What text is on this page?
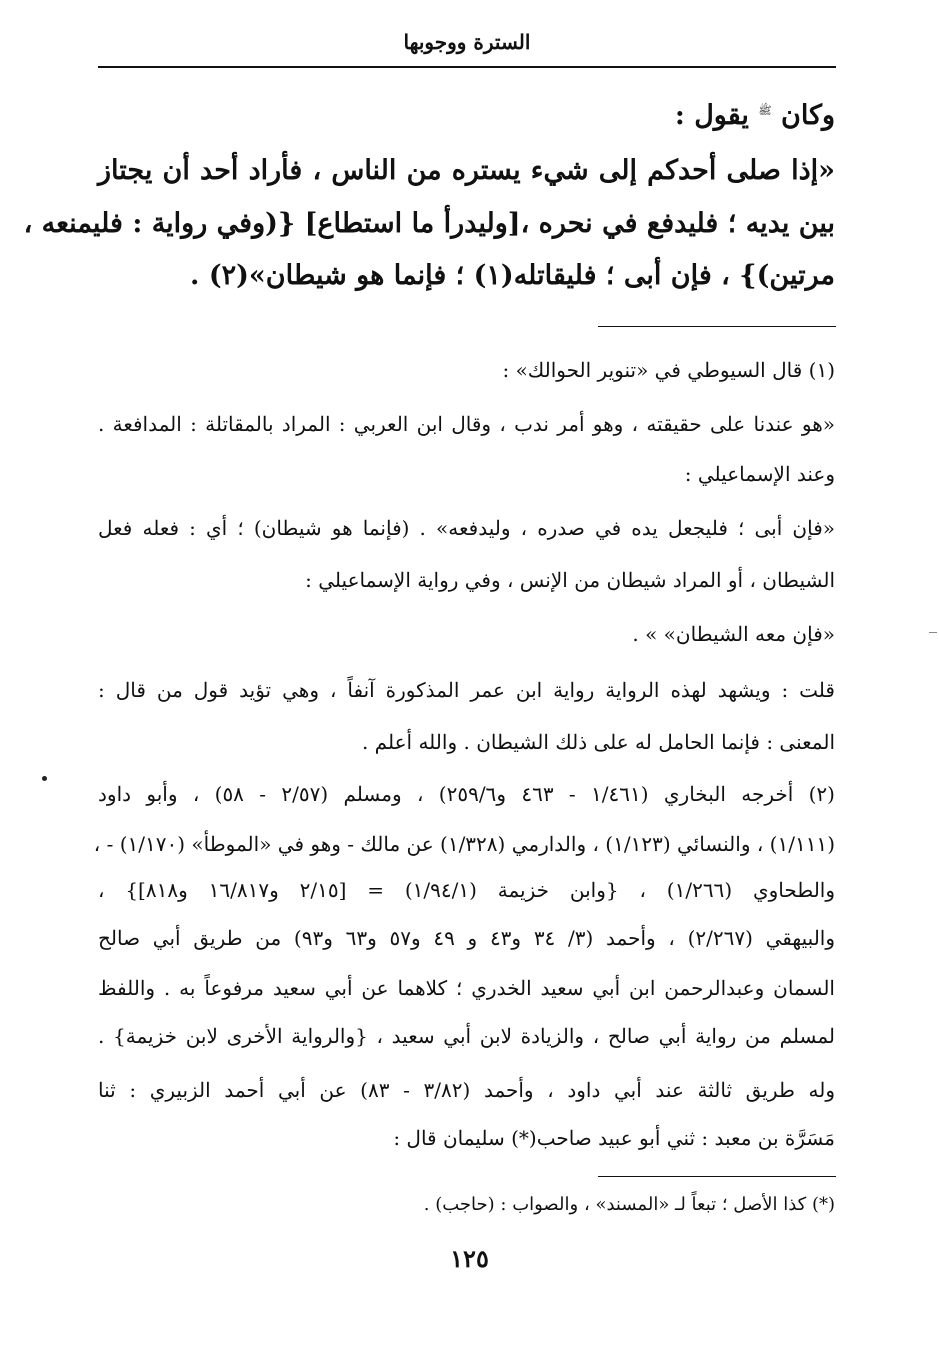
السترة ووجوبها
وكان $^ﷺ$ يقول :
«إذا صلى أحدكم إلى شيء يستره من الناس ، فأراد أحد أن يجتاز
بين يديه ؛ فليدفع في نحره ،[وليدرأ ما استطاع] {(وفي رواية : فليمنعه ،
مرتين)} ، فإن أبى ؛ فليقاتله(١) ؛ فإنما هو شيطان»(٢) .
(١) قال السيوطي في «تنوير الحوالك» :
«هو عندنا على حقيقته ، وهو أمر ندب ، وقال ابن العربي : المراد بالمقاتلة : المدافعة .
وعند الإسماعيلي :
«فإن أبى ؛ فليجعل يده في صدره ، وليدفعه» . (فإنما هو شيطان) ؛ أي : فعله فعل
الشيطان ، أو المراد شيطان من الإنس ، وفي رواية الإسماعيلي :
«فإن معه الشيطان» » .
قلت : ويشهد لهذه الرواية رواية ابن عمر المذكورة آنفاً ، وهي تؤيد قول من قال :
المعنى : فإنما الحامل له على ذلك الشيطان . والله أعلم .
(٢) أخرجه البخاري (١/٤٦١ - ٤٦٣ و٢٥٩/٦) ، ومسلم (٢/٥٧ - ٥٨) ، وأبو داود
(١/١١١) ، والنسائي (١/١٢٣) ، والدارمي (١/٣٢٨) عن مالك - وهو في «الموطأ» (١/١٧٠) - ،
والطحاوي (١/٢٦٦) ، {وابن خزيمة (١/٩٤/١) = [٢/١٥ و١٦/٨١٧ و٨١٨]} ،
والبيهقي (٢/٢٦٧) ، وأحمد (٣/ ٣٤ و٤٣ و ٤٩ و٥٧ و٦٣ و٩٣) من طريق أبي صالح
السمان وعبدالرحمن ابن أبي سعيد الخدري ؛ كلاهما عن أبي سعيد مرفوعاً به . واللفظ
لمسلم من رواية أبي صالح ، والزيادة لابن أبي سعيد ، {والرواية الأخرى لابن خزيمة} .
وله طريق ثالثة عند أبي داود ، وأحمد (٣/٨٢ - ٨٣) عن أبي أحمد الزبيري : ثنا
مَسَرَّة بن معبد : ثني أبو عبيد صاحب(*) سليمان قال :
(*) كذا الأصل ؛ تبعاً لـ «المسند» ، والصواب : (حاجب) .
١٢٥
